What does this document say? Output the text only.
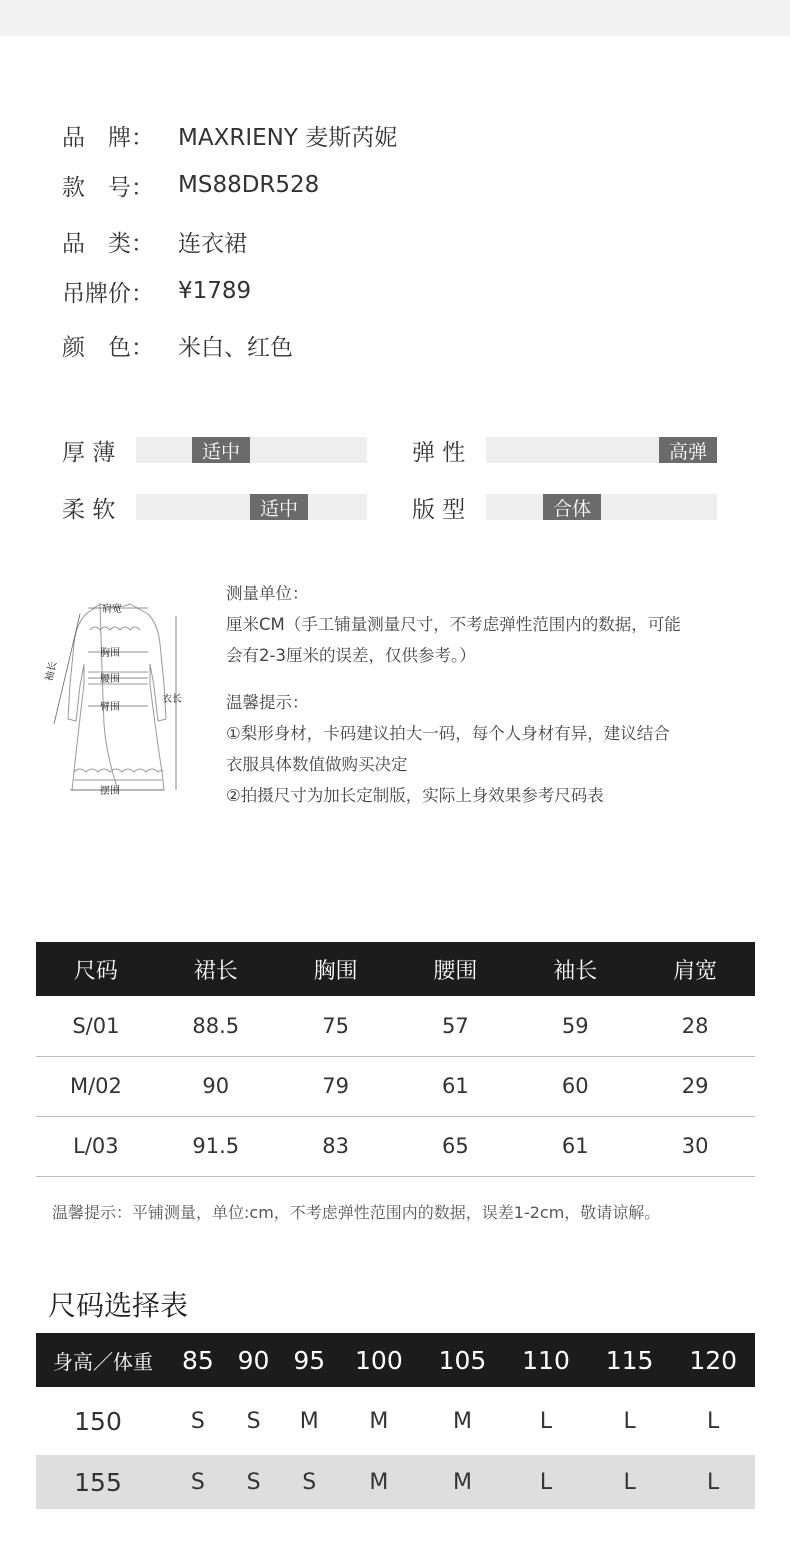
品　牌：	MAXRIENY 麦斯芮妮
款　号：	MS88DR528
品　类：	连衣裙
吊牌价：	¥1789
颜　色：	米白、红色
厚 薄	适中	弹 性	高弹
柔 软	适中	版 型	合体
肩宽
胸围
腰围
臂围
摆围
袖长
衣长
测量单位：
厘米CM（手工铺量测量尺寸，不考虑弹性范围内的数据，可能
会有2-3厘米的误差，仅供参考。）
温馨提示：
①梨形身材，卡码建议拍大一码，每个人身材有异，建议结合
衣服具体数值做购买决定
②拍摄尺寸为加长定制版，实际上身效果参考尺码表
尺码	裙长	胸围	腰围	袖长	肩宽
S/01	88.5	75	57	59	28
M/02	90	79	61	60	29
L/03	91.5	83	65	61	30
温馨提示：平铺测量，单位:cm，不考虑弹性范围内的数据，误差1-2cm，敬请谅解。
尺码选择表
身高／体重	85	90	95	100	105	110	115	120
150	S	S	M	M	M	L	L	L
155	S	S	S	M	M	L	L	L
